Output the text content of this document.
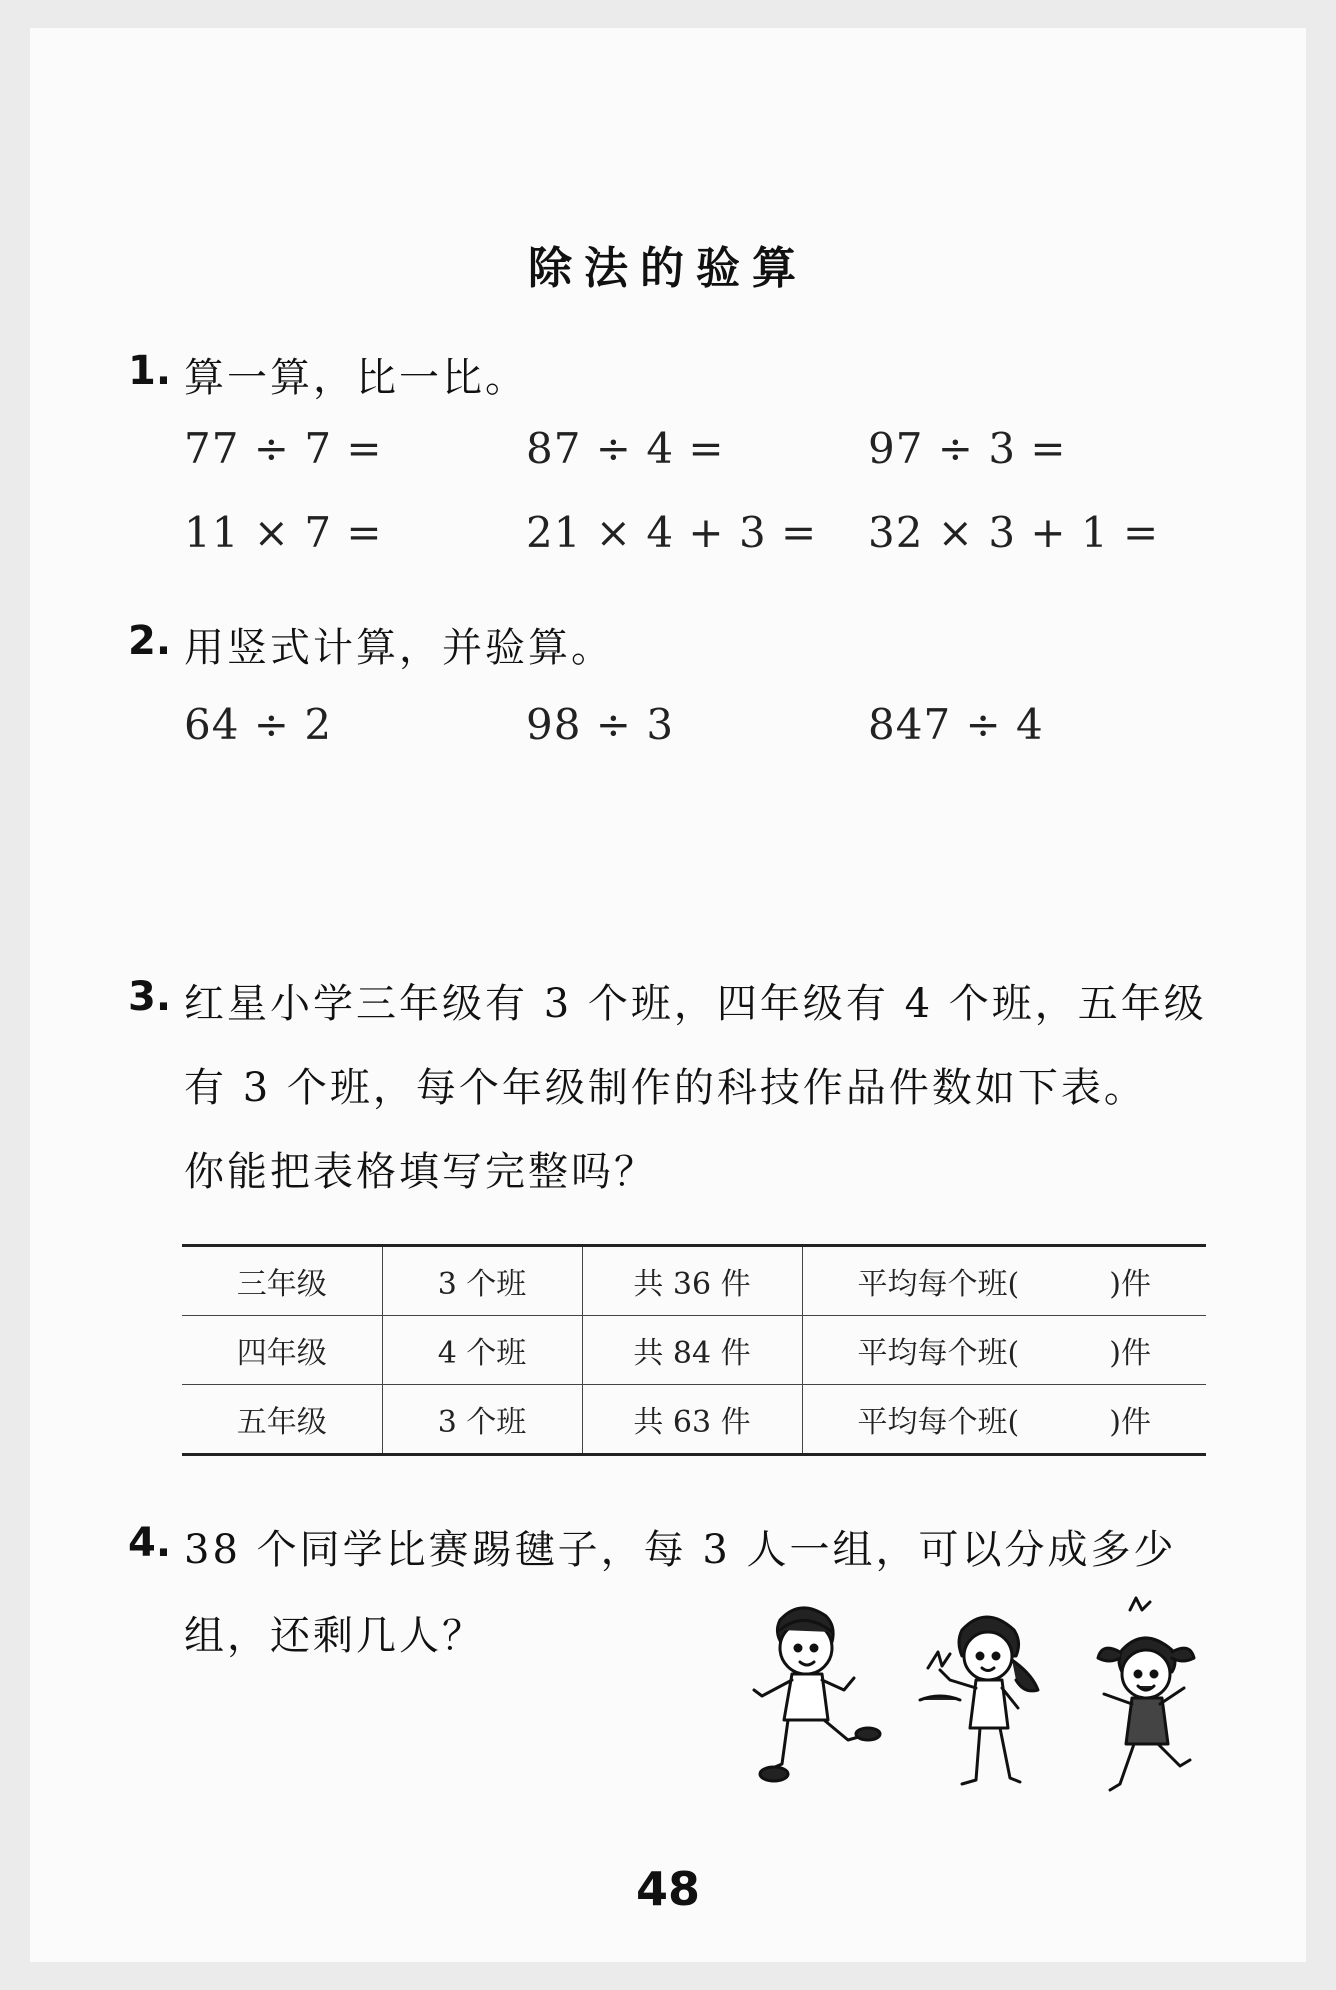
除法的验算
1. 算一算，比一比。
77 ÷ 7 =	87 ÷ 4 =	97 ÷ 3 =
11 × 7 =	21 × 4 + 3 = 32 × 3 + 1 =
2. 用竖式计算，并验算。
64 ÷ 2	98 ÷ 3	847 ÷ 4
3. 红星小学三年级有 3 个班，四年级有 4 个班，五年级
有 3 个班，每个年级制作的科技作品件数如下表。
你能把表格填写完整吗？
三年级	3 个班	共 36 件	平均每个班(　　　)件
四年级	4 个班	共 84 件	平均每个班(　　　)件
五年级	3 个班	共 63 件	平均每个班(　　　)件
4. 38 个同学比赛踢毽子，每 3 人一组，可以分成多少
组，还剩几人？
48
